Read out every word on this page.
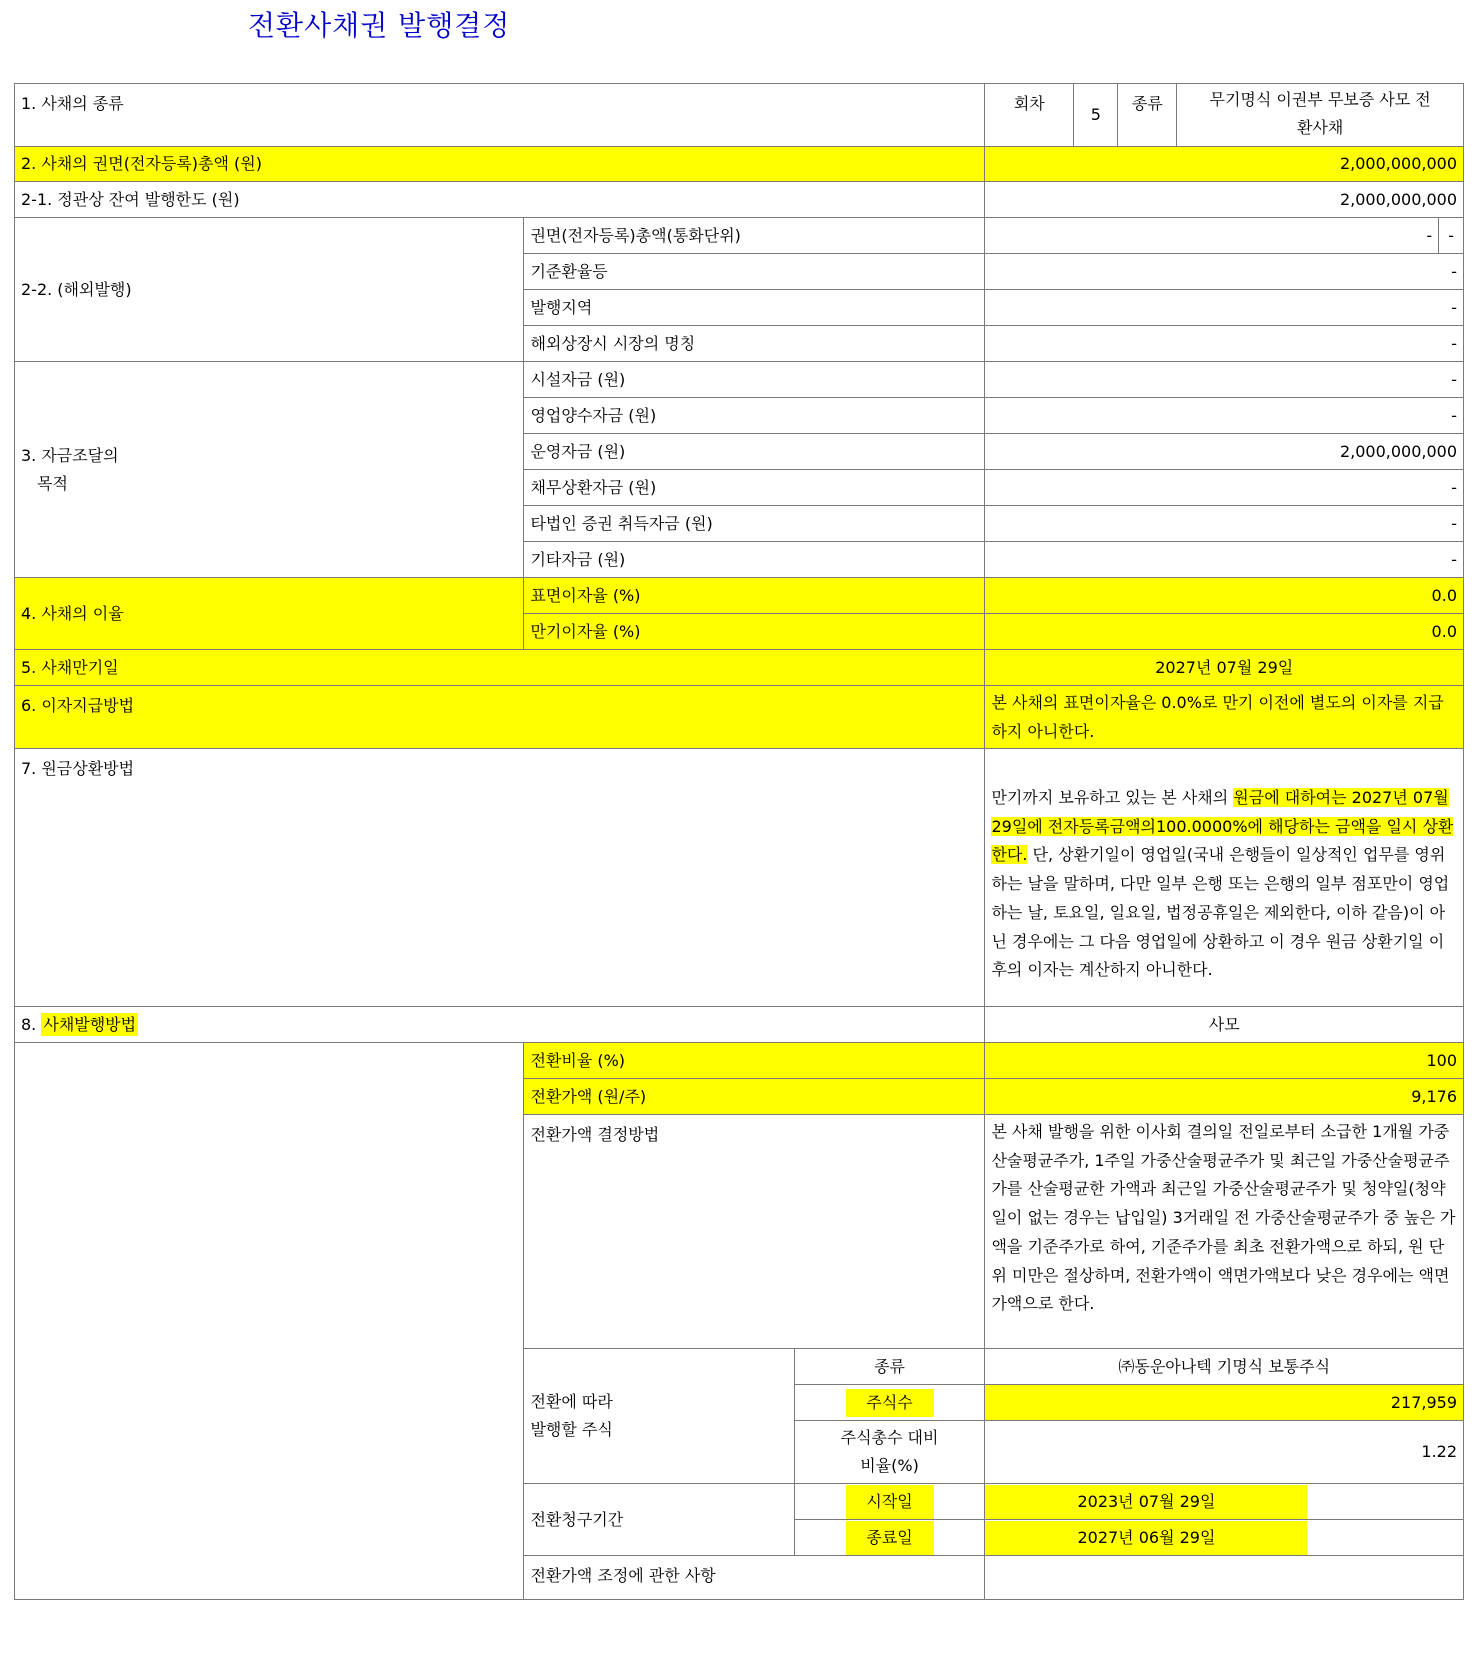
전환사채권 발행결정
1. 사채의 종류			회차	5	종류	무기명식 이권부 무보증 사모 전환사채	
2. 사채의 권면(전자등록)총액 (원)			2,000,000,000				
2-1. 정관상 잔여 발행한도 (원)			2,000,000,000				
2-2. (해외발행)	권면(전자등록)총액(통화단위)		-				-
	기준환율등		-				
	발행지역		-				
	해외상장시 시장의 명칭		-				

3. 자금조달의
목적	시설자금 (원)		-				
	영업양수자금 (원)		-				
	운영자금 (원)		2,000,000,000				
	채무상환자금 (원)		-				
	타법인 증권 취득자금 (원)		-				
	기타자금 (원)		-				
4. 사채의 이율	표면이자율 (%)		0.0				
	만기이자율 (%)		0.0				
5. 사채만기일			2027년 07월 29일				
6. 이자지급방법			본 사채의 표면이자율은 0.0%로 만기 이전에 별도의 이자를 지급하지 아니한다.				
7. 원금상환방법			만기까지 보유하고 있는 본 사채의 원금에 대하여는 2027년 07월 29일에 전자등록금액의100.0000%에 해당하는 금액을 일시 상환한다. 단, 상환기일이 영업일(국내 은행들이 일상적인 업무를 영위하는 날을 말하며, 다만 일부 은행 또는 은행의 일부 점포만이 영업하는 날, 토요일, 일요일, 법정공휴일은 제외한다, 이하 같음)이 아닌 경우에는 그 다음 영업일에 상환하고 이 경우 원금 상환기일 이후의 이자는 계산하지 아니한다.				
8. 사채발행방법			사모				
	전환비율 (%)		100				
	전환가액 (원/주)		9,176				
	전환가액 결정방법		본 사채 발행을 위한 이사회 결의일 전일로부터 소급한 1개월 가중산술평균주가, 1주일 가중산술평균주가 및 최근일 가중산술평균주가를 산술평균한 가액과 최근일 가중산술평균주가 및 청약일(청약일이 없는 경우는 납입일) 3거래일 전 가중산술평균주가 중 높은 가액을 기준주가로 하여, 기준주가를 최초 전환가액으로 하되, 원 단위 미만은 절상하며, 전환가액이 액면가액보다 낮은 경우에는 액면가액으로 한다.				

	전환에 따라
발행할 주식	종류	㈜동운아나텍 기명식 보통주식				
		주식수	217,959				

		주식총수 대비
비율(%)	1.22				
	전환청구기간	시작일	2023년 07월 29일				

		종료일	2027년 06월 29일				

	전환가액 조정에 관한 사항						
